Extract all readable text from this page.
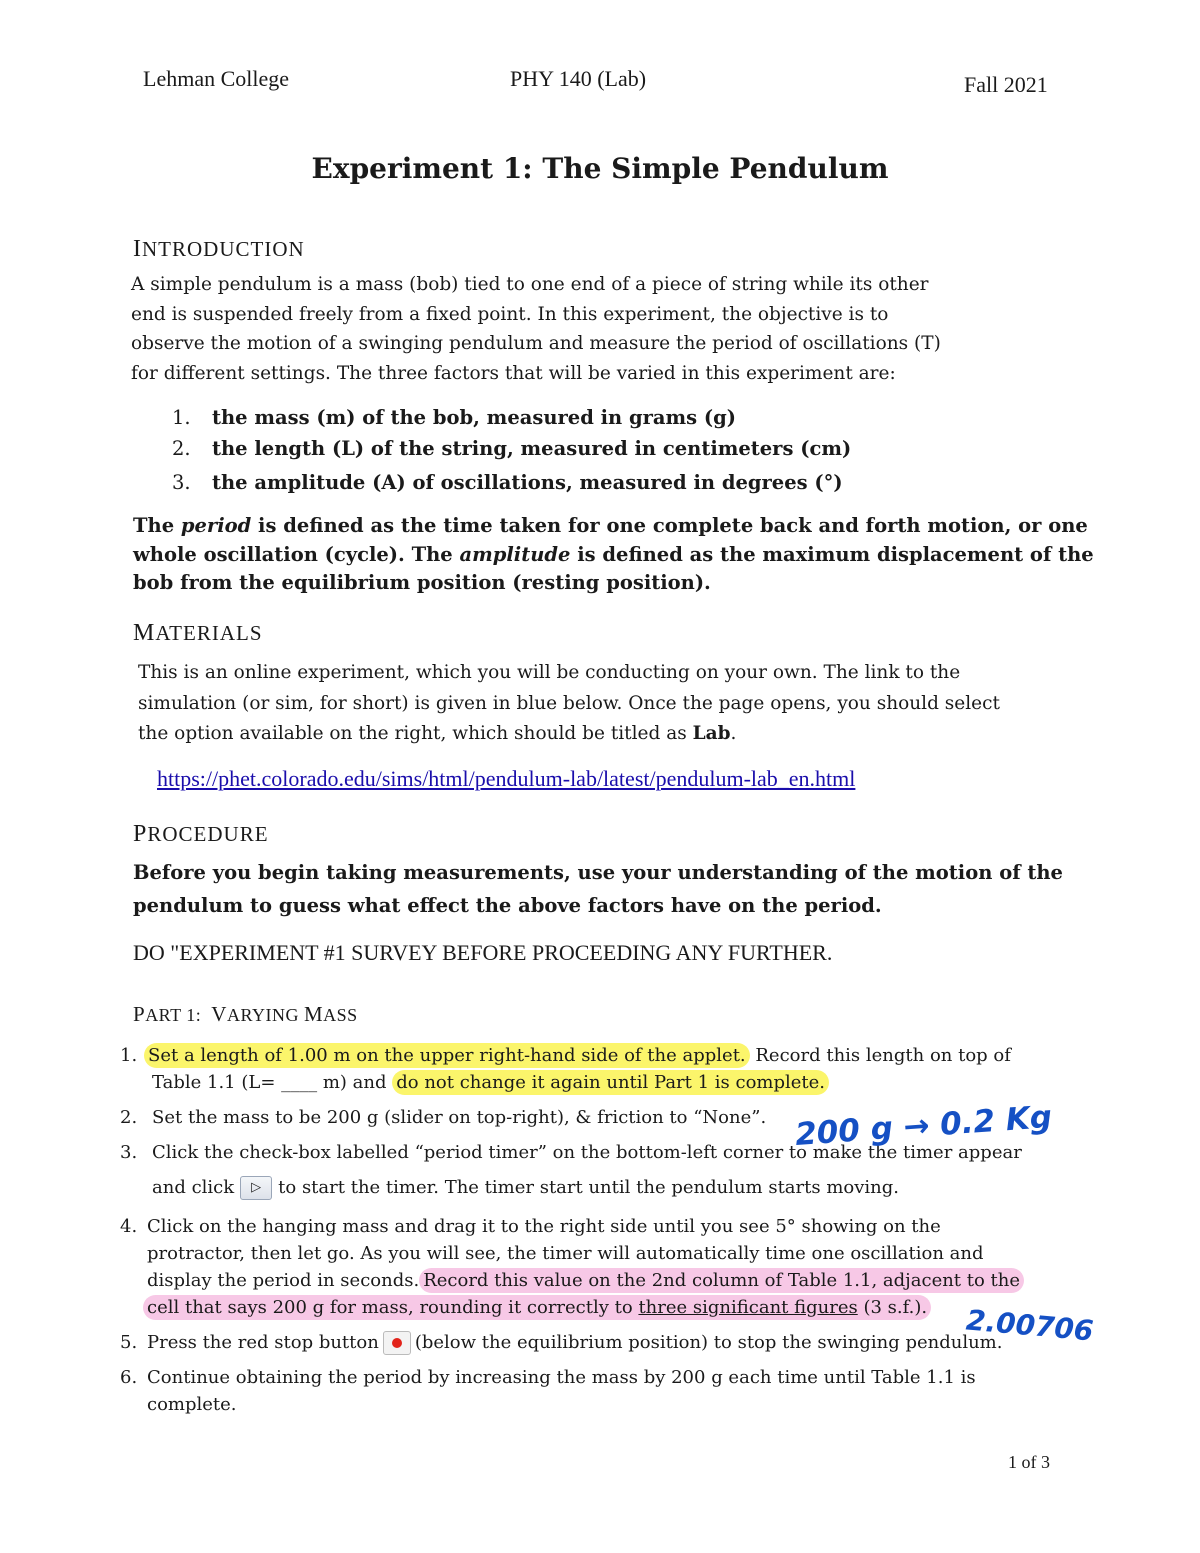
Lehman College	PHY 140 (Lab)	Fall 2021
Experiment 1: The Simple Pendulum
INTRODUCTION
A simple pendulum is a mass (bob) tied to one end of a piece of string while its other
end is suspended freely from a fixed point. In this experiment, the objective is to
observe the motion of a swinging pendulum and measure the period of oscillations (T)
for different settings. The three factors that will be varied in this experiment are:
1. the mass (m) of the bob, measured in grams (g)
2. the length (L) of the string, measured in centimeters (cm)
3. the amplitude (A) of oscillations, measured in degrees (°)
The period is defined as the time taken for one complete back and forth motion, or one
whole oscillation (cycle). The amplitude is defined as the maximum displacement of the
bob from the equilibrium position (resting position).
MATERIALS
This is an online experiment, which you will be conducting on your own. The link to the
simulation (or sim, for short) is given in blue below. Once the page opens, you should select
the option available on the right, which should be titled as Lab.
https://phet.colorado.edu/sims/html/pendulum-lab/latest/pendulum-lab_en.html
PROCEDURE
Before you begin taking measurements, use your understanding of the motion of the
pendulum to guess what effect the above factors have on the period.
DO "EXPERIMENT #1 SURVEY BEFORE PROCEEDING ANY FURTHER.
PART 1: VARYING MASS
1. Set a length of 1.00 m on the upper right-hand side of the applet. Record this length on top of
Table 1.1 (L= ____ m) and do not change it again until Part 1 is complete.
2. Set the mass to be 200 g (slider on top-right), & friction to “None”.
3. Click the check-box labelled “period timer” on the bottom-left corner to make the timer appear
and click ▷ to start the timer. The timer start until the pendulum starts moving.
4. Click on the hanging mass and drag it to the right side until you see 5° showing on the
protractor, then let go. As you will see, the timer will automatically time one oscillation and
display the period in seconds. Record this value on the 2nd column of Table 1.1, adjacent to the
cell that says 200 g for mass, rounding it correctly to three significant figures (3 s.f.).
5. Press the red stop button (below the equilibrium position) to stop the swinging pendulum.
6. Continue obtaining the period by increasing the mass by 200 g each time until Table 1.1 is
complete.
200 g → 0.2 Kg
2.00706
1 of 3
